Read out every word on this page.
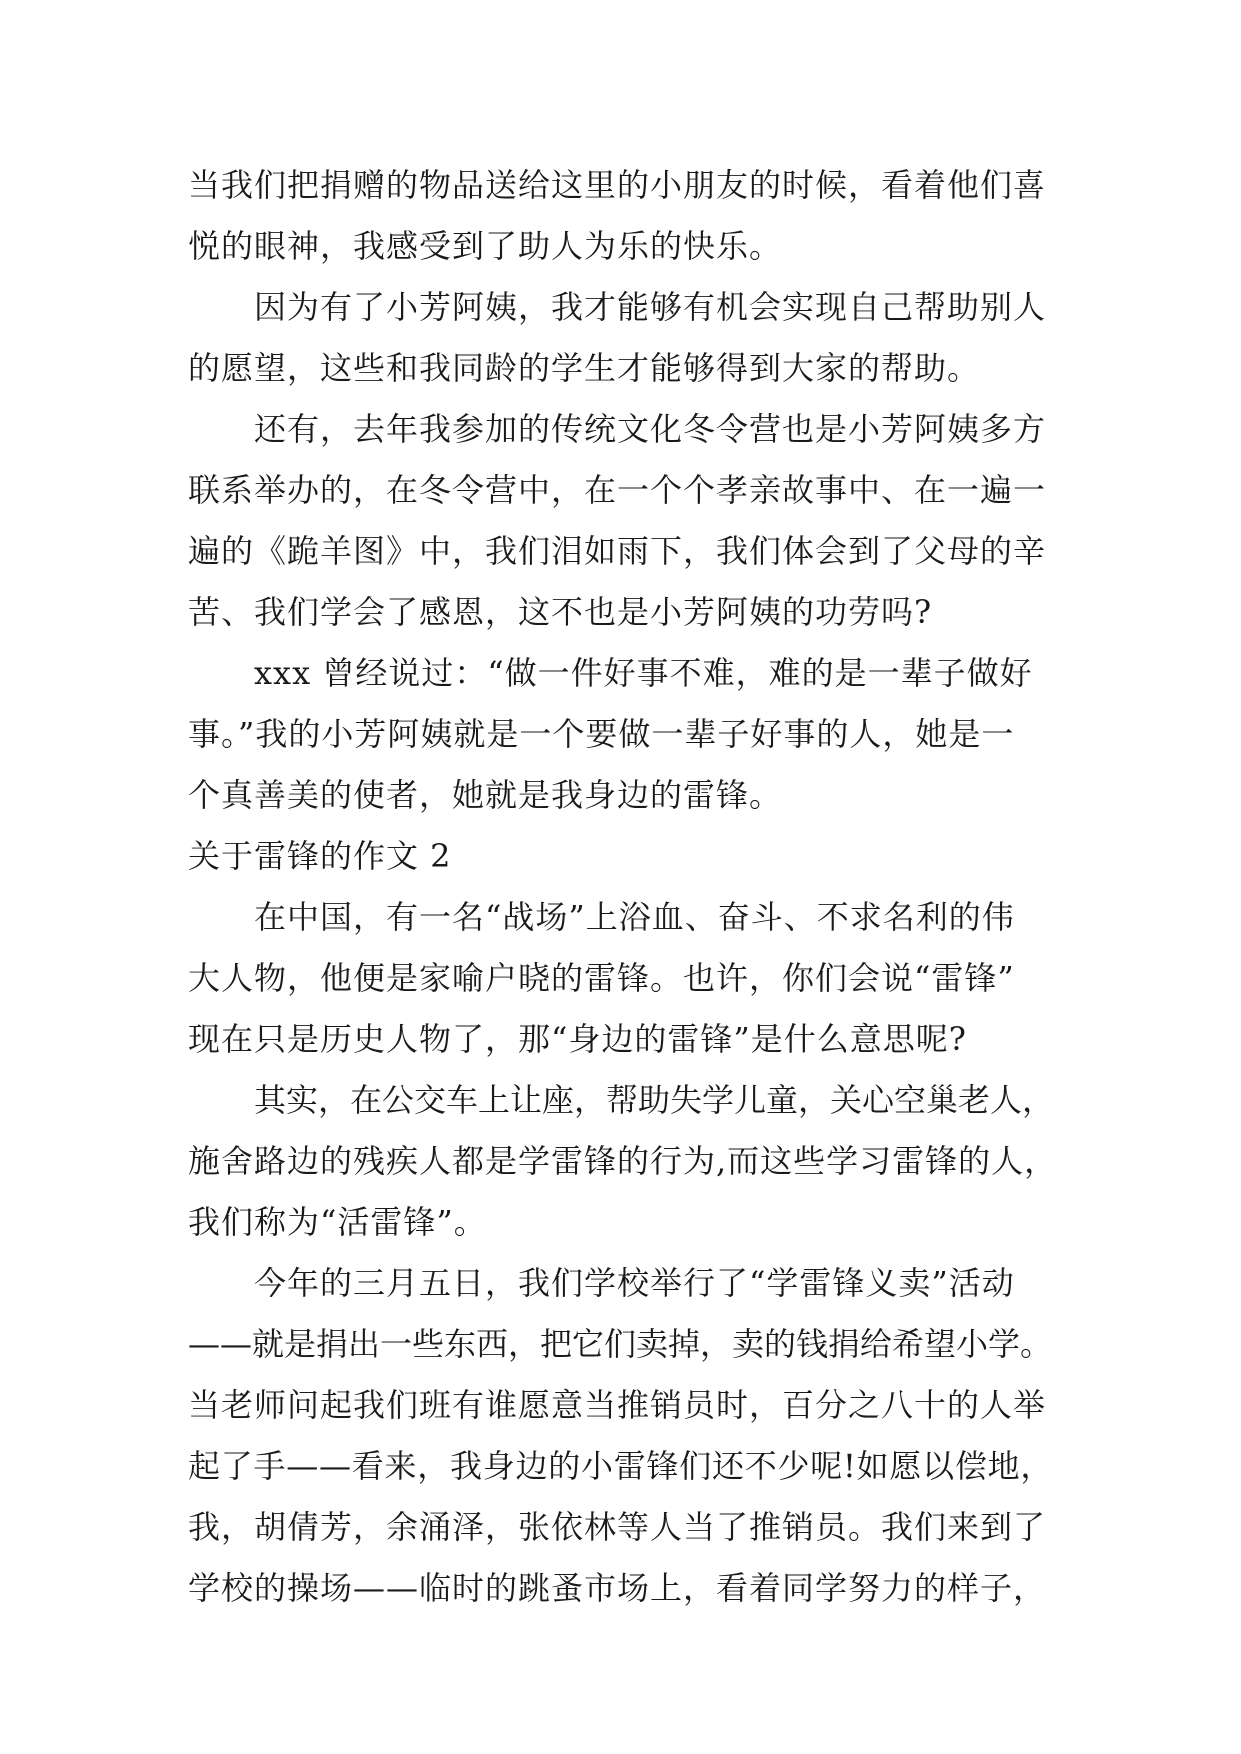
当我们把捐赠的物品送给这里的小朋友的时候，看着他们喜
悦的眼神，我感受到了助人为乐的快乐。
因为有了小芳阿姨，我才能够有机会实现自己帮助别人
的愿望，这些和我同龄的学生才能够得到大家的帮助。
还有，去年我参加的传统文化冬令营也是小芳阿姨多方
联系举办的，在冬令营中，在一个个孝亲故事中、在一遍一
遍的《跪羊图》中，我们泪如雨下，我们体会到了父母的辛
苦、我们学会了感恩，这不也是小芳阿姨的功劳吗?
xxx 曾经说过：“做一件好事不难，难的是一辈子做好
事。”我的小芳阿姨就是一个要做一辈子好事的人，她是一
个真善美的使者，她就是我身边的雷锋。
关于雷锋的作文 2
在中国，有一名“战场”上浴血、奋斗、不求名利的伟
大人物，他便是家喻户晓的雷锋。也许，你们会说“雷锋”
现在只是历史人物了，那“身边的雷锋”是什么意思呢?
其实，在公交车上让座，帮助失学儿童，关心空巢老人，
施舍路边的残疾人都是学雷锋的行为,而这些学习雷锋的人，
我们称为“活雷锋”。
今年的三月五日，我们学校举行了“学雷锋义卖”活动
——就是捐出一些东西，把它们卖掉，卖的钱捐给希望小学。
当老师问起我们班有谁愿意当推销员时，百分之八十的人举
起了手——看来，我身边的小雷锋们还不少呢!如愿以偿地，
我，胡倩芳，余涌泽，张依林等人当了推销员。我们来到了
学校的操场——临时的跳蚤市场上，看着同学努力的样子，
